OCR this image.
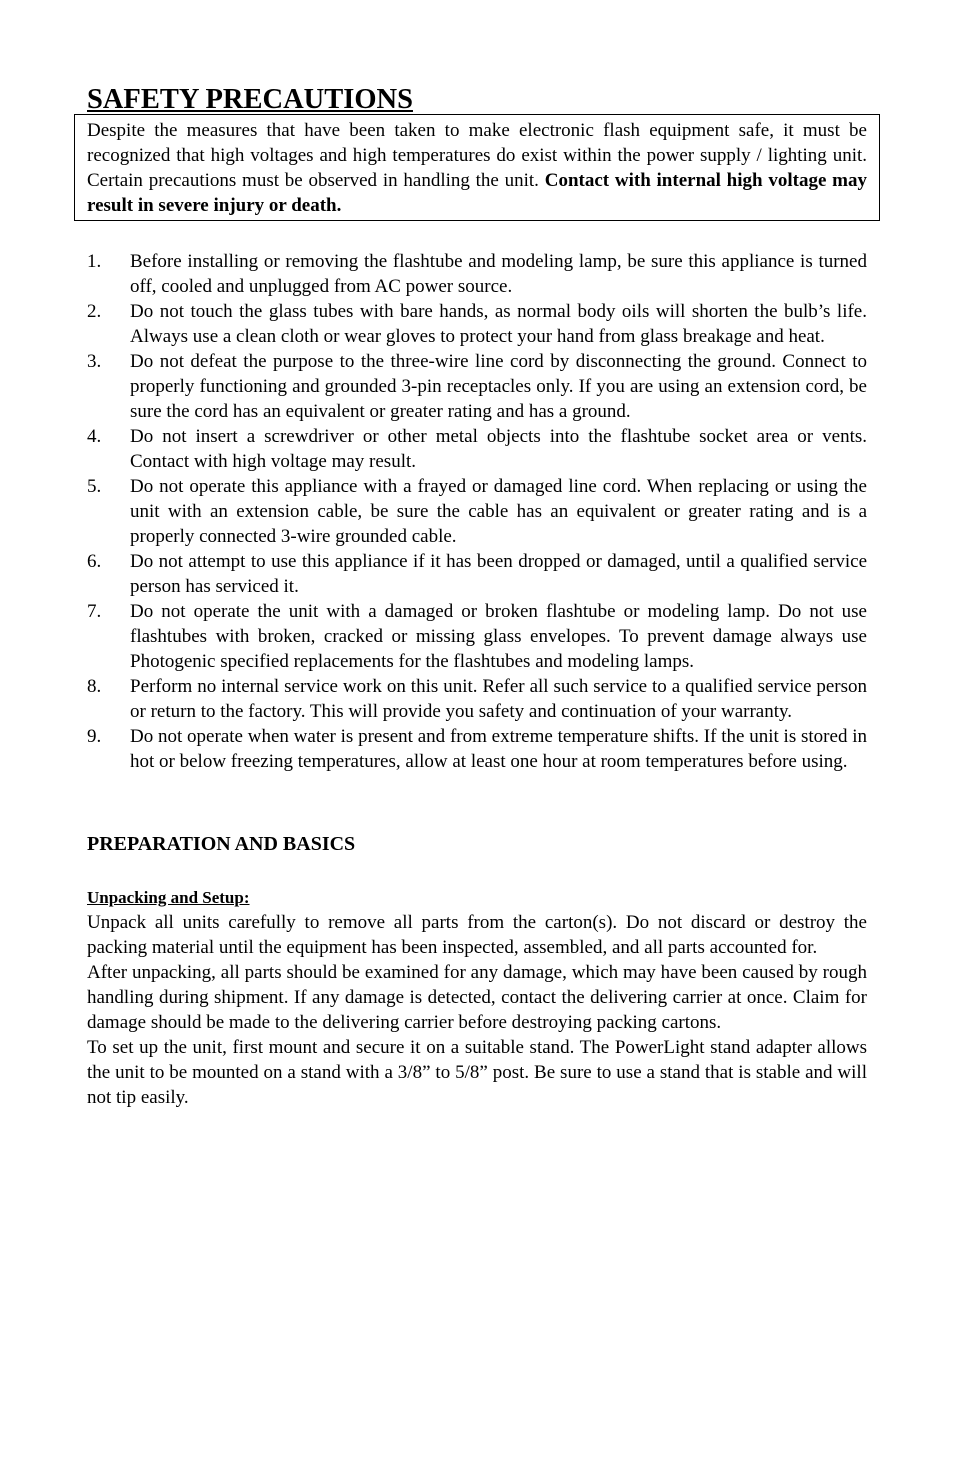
SAFETY PRECAUTIONS
Despite the measures that have been taken to make electronic flash equipment safe, it must be recognized that high voltages and high temperatures do exist within the power supply / lighting unit. Certain precautions must be observed in handling the unit. Contact with internal high voltage may result in severe injury or death.
1.	Before installing or removing the flashtube and modeling lamp, be sure this appliance is turned off, cooled and unplugged from AC power source.
2.	Do not touch the glass tubes with bare hands, as normal body oils will shorten the bulb’s life. Always use a clean cloth or wear gloves to protect your hand from glass breakage and heat.
3.	Do not defeat the purpose to the three-wire line cord by disconnecting the ground. Connect to properly functioning and grounded 3-pin receptacles only. If you are using an extension cord, be sure the cord has an equivalent or greater rating and has a ground.
4.	Do not insert a screwdriver or other metal objects into the flashtube socket area or vents. Contact with high voltage may result.
5.	Do not operate this appliance with a frayed or damaged line cord. When replacing or using the unit with an extension cable, be sure the cable has an equivalent or greater rating and is a properly connected 3-wire grounded cable.
6.	Do not attempt to use this appliance if it has been dropped or damaged, until a qualified service person has serviced it.
7.	Do not operate the unit with a damaged or broken flashtube or modeling lamp. Do not use flashtubes with broken, cracked or missing glass envelopes. To prevent damage always use Photogenic specified replacements for the flashtubes and modeling lamps.
8.	Perform no internal service work on this unit. Refer all such service to a qualified service person or return to the factory. This will provide you safety and continuation of your warranty.
9.	Do not operate when water is present and from extreme temperature shifts. If the unit is stored in hot or below freezing temperatures, allow at least one hour at room temperatures before using.
PREPARATION AND BASICS
Unpacking and Setup:

Unpack all units carefully to remove all parts from the carton(s). Do not discard or destroy the packing material until the equipment has been inspected, assembled, and all parts accounted for.

After unpacking, all parts should be examined for any damage, which may have been caused by rough handling during shipment. If any damage is detected, contact the delivering carrier at once. Claim for damage should be made to the delivering carrier before destroying packing cartons.

To set up the unit, first mount and secure it on a suitable stand. The PowerLight stand adapter allows the unit to be mounted on a stand with a 3/8” to 5/8” post. Be sure to use a stand that is stable and will not tip easily.
